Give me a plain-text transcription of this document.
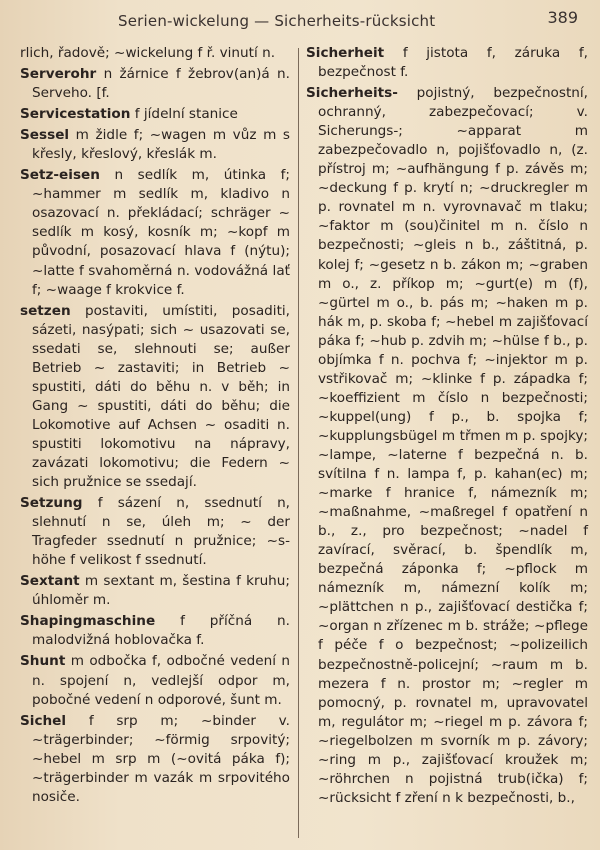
Serien-wickelung — Sicherheits-rücksicht	389
rlich, řadově; ~wickelung f ř. vinutí n.
Serverohr n žárnice f žebrov(an)á n. Serveho. [f.
Servicestation f jídelní stanice
Sessel m židle f; ~wagen m vůz m s křesly, křeslový, křeslák m.
Setz-eisen n sedlík m, útinka f; ~hammer m sedlík m, kladivo n osazovací n. překládací; schräger ~ sedlík m kosý, kosník m; ~kopf m původní, posazovací hlava f (nýtu); ~latte f svahoměrná n. vodovážná lať f; ~waage f krokvice f.
setzen postaviti, umístiti, posaditi, sázeti, nasýpati; sich ~ usazovati se, ssedati se, slehnouti se; außer Betrieb ~ zastaviti; in Betrieb ~ spustiti, dáti do běhu n. v běh; in Gang ~ spustiti, dáti do běhu; die Lokomotive auf Achsen ~ osaditi n. spustiti lokomotivu na nápravy, zavázati lokomotivu; die Federn ~ sich pružnice se ssedají.
Setzung f sázení n, ssednutí n, slehnutí n se, úleh m; ~ der Tragfeder ssednutí n pružnice; ~s-höhe f velikost f ssednutí.
Sextant m sextant m, šestina f kruhu; úhloměr m.
Shapingmaschine f příčná n. malodvižná hoblovačka f.
Shunt m odbočka f, odbočné vedení n n. spojení n, vedlejší odpor m, pobočné vedení n odporové, šunt m.
Sichel f srp m; ~binder v. ~trägerbinder; ~förmig srpovitý; ~hebel m srp m (~ovitá páka f); ~trägerbinder m vazák m srpovitého nosiče.
Sicherheit f jistota f, záruka f, bezpečnost f.
Sicherheits- pojistný, bezpečnostní, ochranný, zabezpečovací; v. Sicherungs-; ~apparat m zabezpečovadlo n, pojišťovadlo n, (z. přístroj m; ~aufhängung f p. závěs m; ~deckung f p. krytí n; ~druckregler m p. rovnatel m n. vyrovnavač m tlaku; ~faktor m (sou)činitel m n. číslo n bezpečnosti; ~gleis n b., záštitná, p. kolej f; ~gesetz n b. zákon m; ~graben m o., z. příkop m; ~gurt(e) m (f), ~gürtel m o., b. pás m; ~haken m p. hák m, p. skoba f; ~hebel m zajišťovací páka f; ~hub p. zdvih m; ~hülse f b., p. objímka f n. pochva f; ~injektor m p. vstřikovač m; ~klinke f p. západka f; ~koeffizient m číslo n bezpečnosti; ~kuppel(ung) f p., b. spojka f; ~kupplungsbügel m třmen m p. spojky; ~lampe, ~laterne f bezpečná n. b. svítilna f n. lampa f, p. kahan(ec) m; ~marke f hranice f, námezník m; ~maßnahme, ~maßregel f opatření n b., z., pro bezpečnost; ~nadel f zavírací, svěrací, b. špendlík m, bezpečná záponka f; ~pflock m námezník m, námezní kolík m; ~plättchen n p., zajišťovací destička f; ~organ n zřízenec m b. stráže; ~pflege f péče f o bezpečnost; ~polizeilich bezpečnostně-policejní; ~raum m b. mezera f n. prostor m; ~regler m pomocný, p. rovnatel m, upravovatel m, regulátor m; ~riegel m p. závora f; ~riegelbolzen m svorník m p. závory; ~ring m p., zajišťovací kroužek m; ~röhrchen n pojistná trub(ička) f; ~rücksicht f zření n k bezpečnosti, b.,
